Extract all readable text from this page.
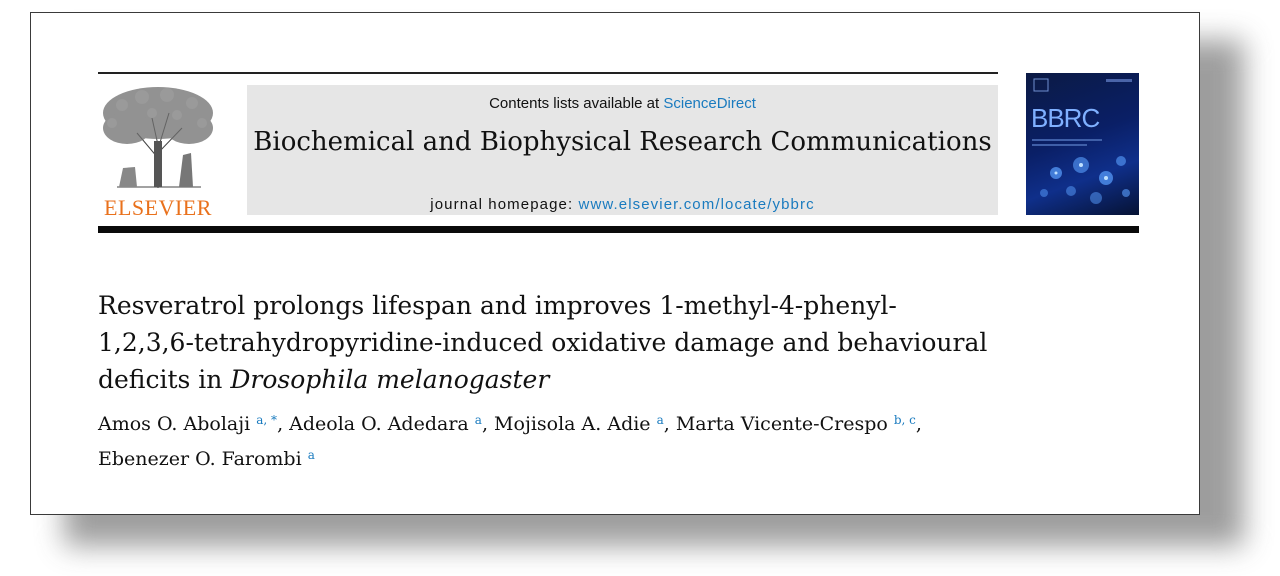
ELSEVIER
Contents lists available at ScienceDirect
Biochemical and Biophysical Research Communications
journal homepage: www.elsevier.com/locate/ybbrc
BBRC
Resveratrol prolongs lifespan and improves 1-methyl-4-phenyl-
1,2,3,6-tetrahydropyridine-induced oxidative damage and behavioural
deficits in Drosophila melanogaster
Amos O. Abolaji $^{a, *}$, Adeola O. Adedara $^a$, Mojisola A. Adie $^a$, Marta Vicente-Crespo $^{b, c}$,
Ebenezer O. Farombi $^a$
